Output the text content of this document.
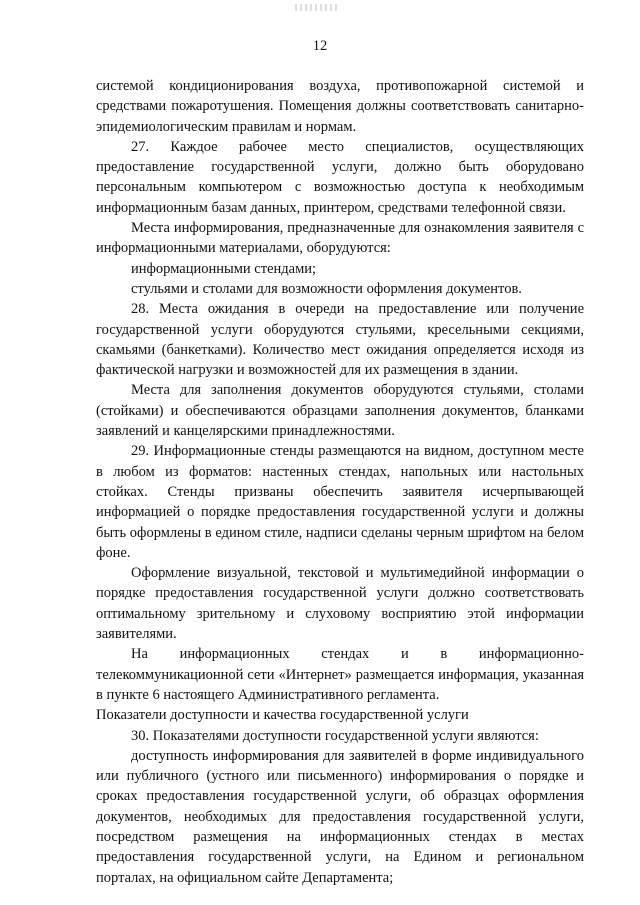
12

системой кондиционирования воздуха, противопожарной системой и средствами пожаротушения. Помещения должны соответствовать санитарно-эпидемиологическим правилам и нормам.

27. Каждое рабочее место специалистов, осуществляющих предоставление государственной услуги, должно быть оборудовано персональным компьютером с возможностью доступа к необходимым информационным базам данных, принтером, средствами телефонной связи.

Места информирования, предназначенные для ознакомления заявителя с информационными материалами, оборудуются:

информационными стендами;

стульями и столами для возможности оформления документов.

28. Места ожидания в очереди на предоставление или получение государственной услуги оборудуются стульями, кресельными секциями, скамьями (банкетками). Количество мест ожидания определяется исходя из фактической нагрузки и возможностей для их размещения в здании.

Места для заполнения документов оборудуются стульями, столами (стойками) и обеспечиваются образцами заполнения документов, бланками заявлений и канцелярскими принадлежностями.

29. Информационные стенды размещаются на видном, доступном месте в любом из форматов: настенных стендах, напольных или настольных стойках. Стенды призваны обеспечить заявителя исчерпывающей информацией о порядке предоставления государственной услуги и должны быть оформлены в едином стиле, надписи сделаны черным шрифтом на белом фоне.

Оформление визуальной, текстовой и мультимедийной информации о порядке предоставления государственной услуги должно соответствовать оптимальному зрительному и слуховому восприятию этой информации заявителями.

На информационных стендах и в информационно-телекоммуникационной сети «Интернет» размещается информация, указанная в пункте 6 настоящего Административного регламента.

Показатели доступности и качества государственной услуги

30. Показателями доступности государственной услуги являются:

доступность информирования для заявителей в форме индивидуального или публичного (устного или письменного) информирования о порядке и сроках предоставления государственной услуги, об образцах оформления документов, необходимых для предоставления государственной услуги, посредством размещения на информационных стендах в местах предоставления государственной услуги, на Едином и региональном порталах, на официальном сайте Департамента;
